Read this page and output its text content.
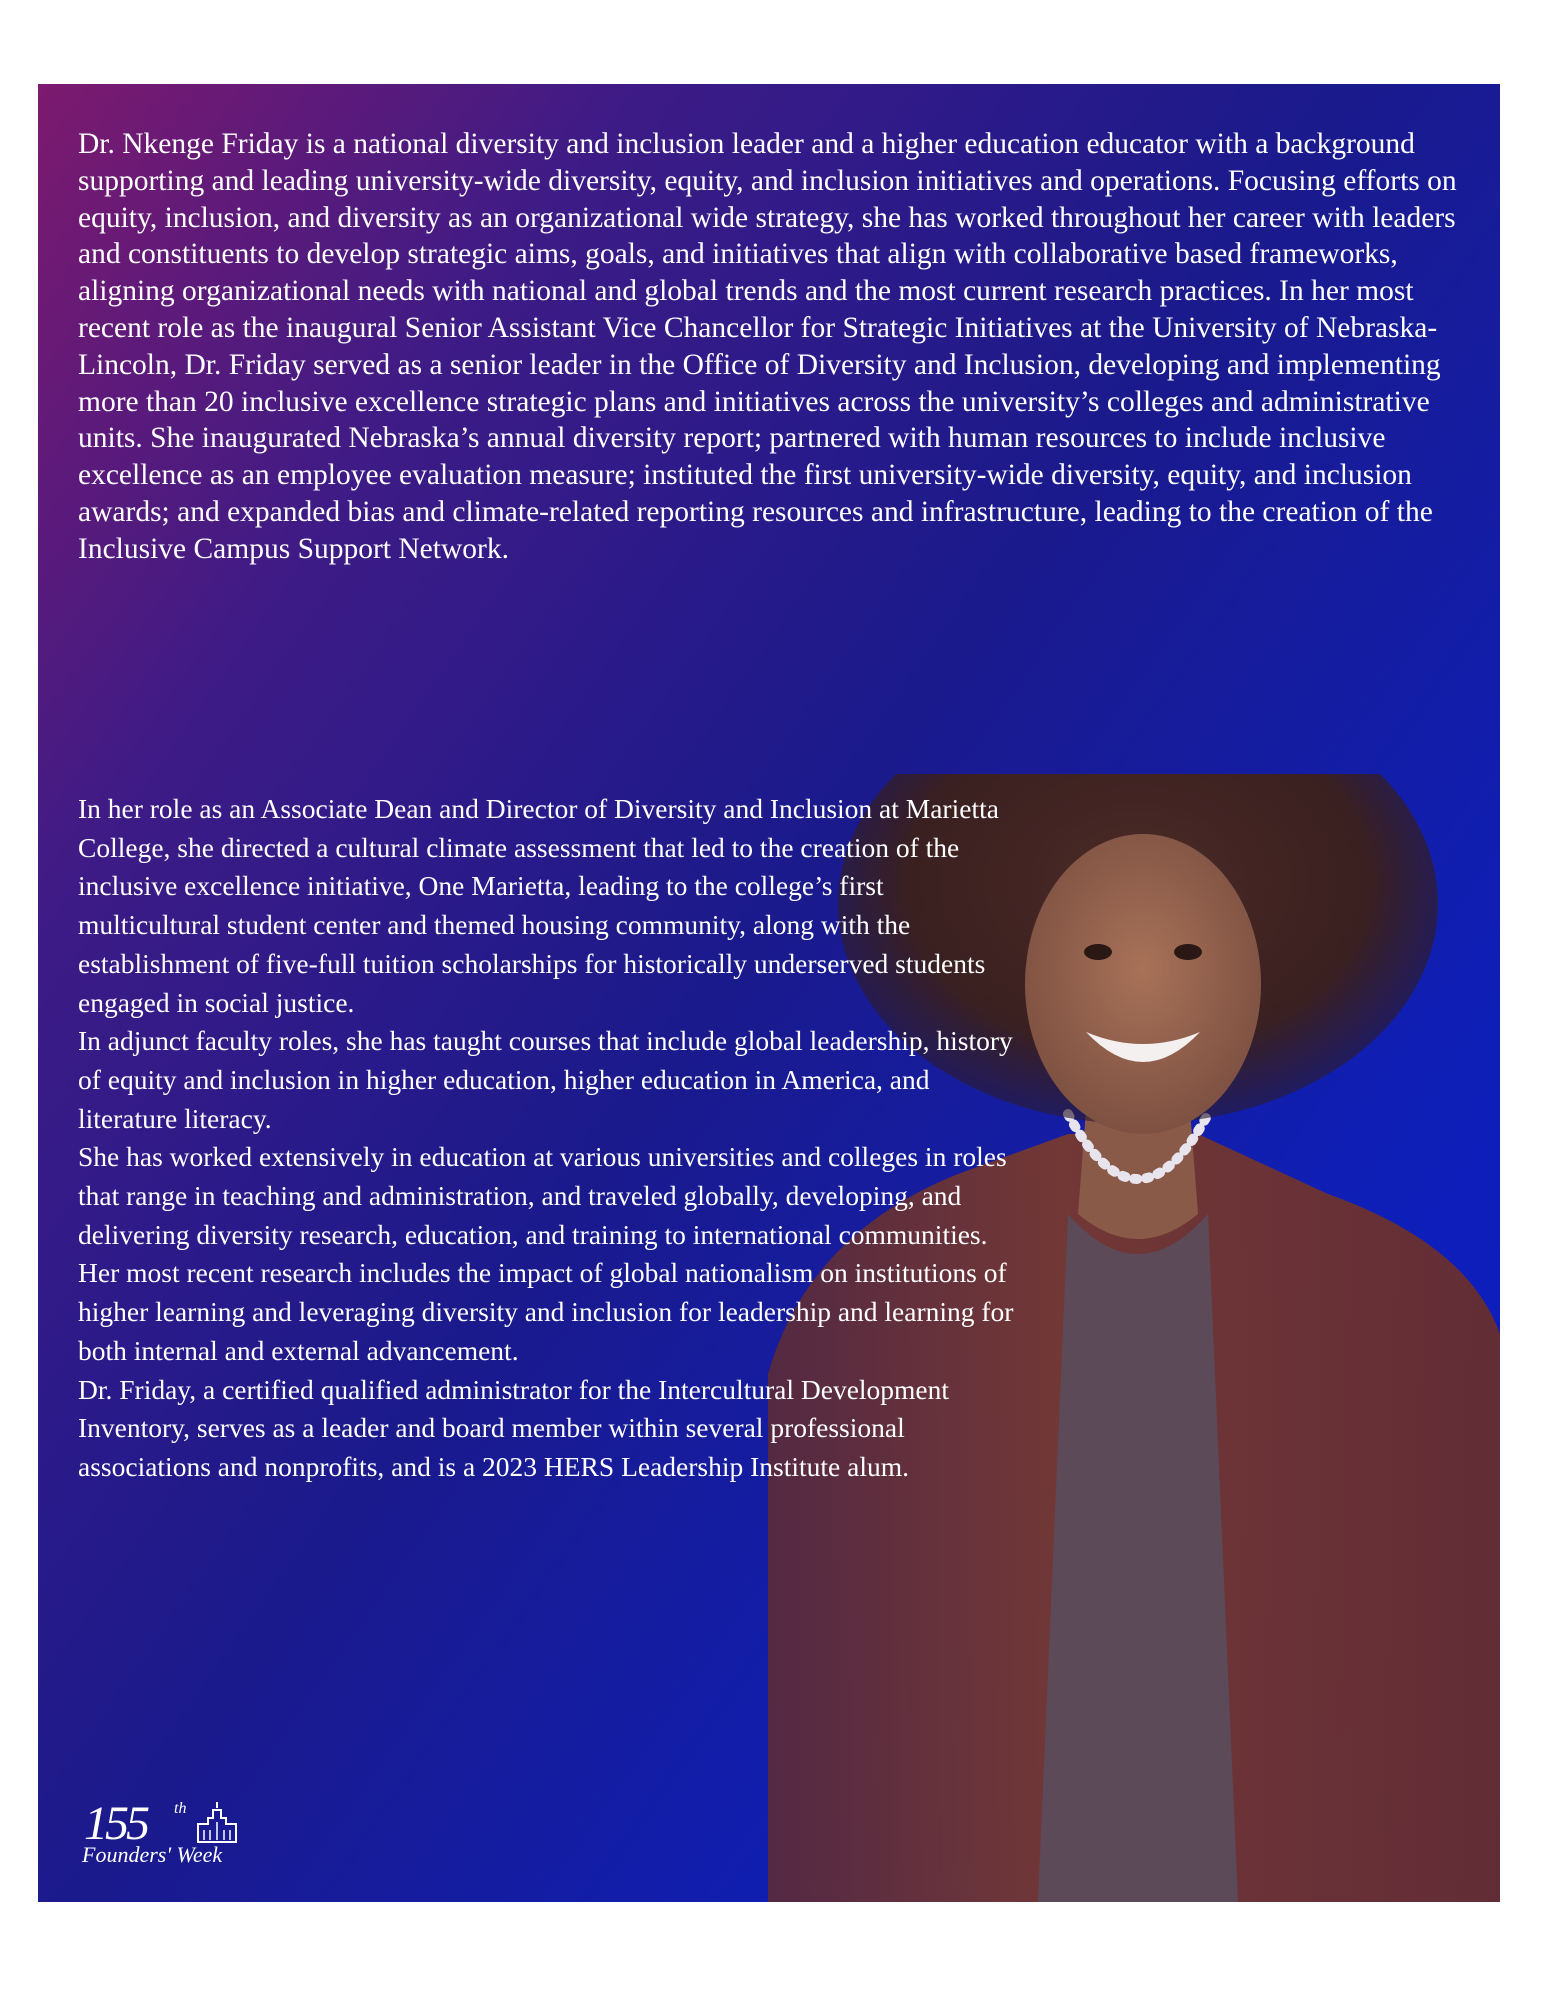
Dr. Nkenge Friday is a national diversity and inclusion leader and a higher education educator with a background supporting and leading university-wide diversity, equity, and inclusion initiatives and operations. Focusing efforts on equity, inclusion, and diversity as an organizational wide strategy, she has worked throughout her career with leaders and constituents to develop strategic aims, goals, and initiatives that align with collaborative based frameworks, aligning organizational needs with national and global trends and the most current research practices. In her most recent role as the inaugural Senior Assistant Vice Chancellor for Strategic Initiatives at the University of Nebraska-Lincoln, Dr. Friday served as a senior leader in the Office of Diversity and Inclusion, developing and implementing more than 20 inclusive excellence strategic plans and initiatives across the university’s colleges and administrative units. She inaugurated Nebraska’s annual diversity report; partnered with human resources to include inclusive excellence as an employee evaluation measure; instituted the first university-wide diversity, equity, and inclusion awards; and expanded bias and climate-related reporting resources and infrastructure, leading to the creation of the Inclusive Campus Support Network.

In her role as an Associate Dean and Director of Diversity and Inclusion at Marietta College, she directed a cultural climate assessment that led to the creation of the inclusive excellence initiative, One Marietta, leading to the college’s first multicultural student center and themed housing community, along with the establishment of five-full tuition scholarships for historically underserved students engaged in social justice.

In adjunct faculty roles, she has taught courses that include global leadership, history of equity and inclusion in higher education, higher education in America, and literature literacy.

She has worked extensively in education at various universities and colleges in roles that range in teaching and administration, and traveled globally, developing, and delivering diversity research, education, and training to international communities. Her most recent research includes the impact of global nationalism on institutions of higher learning and leveraging diversity and inclusion for leadership and learning for both internal and external advancement.

Dr. Friday, a certified qualified administrator for the Intercultural Development Inventory, serves as a leader and board member within several professional associations and nonprofits, and is a 2023 HERS Leadership Institute alum.

155 th
Founders' Week
